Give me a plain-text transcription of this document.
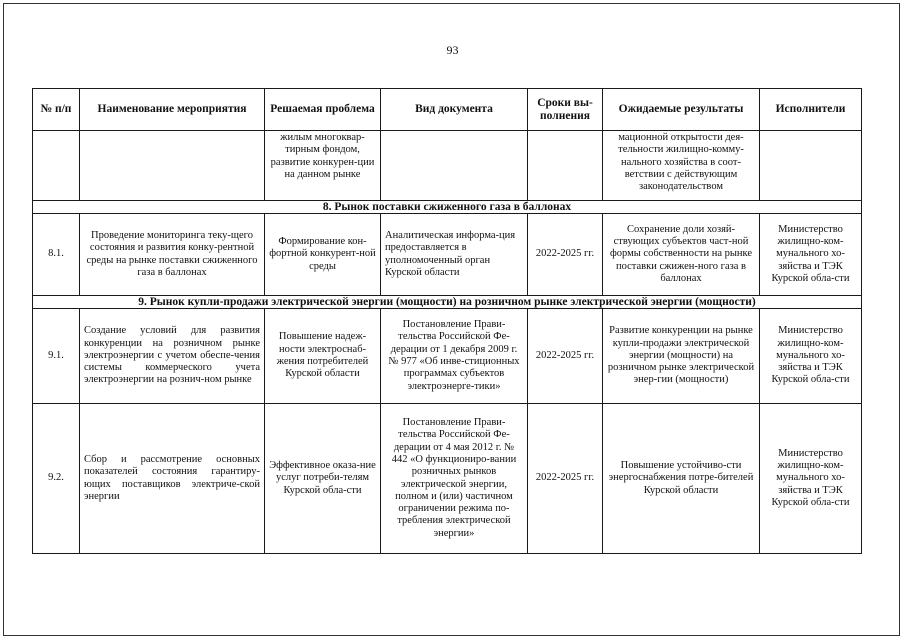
93
№ п/п	Наименование мероприятия	Решаемая проблема	Вид документа	Сроки вы-полнения	Ожидаемые результаты	Исполнители
		жилым многоквар-тирным фондом, развитие конкурен-ции на данном рынке			мационной открытости дея-тельности жилищно-комму-нального хозяйства в соот-ветствии с действующим законодательством	
8. Рынок поставки сжиженного газа в баллонах						
8.1.	Проведение мониторинга теку-щего состояния и развития конку-рентной среды на рынке поставки сжиженного газа в баллонах	Формирование кон-фортной конкурент-ной среды	Аналитическая информа-ция предоставляется в уполномоченный орган Курской области	2022-2025 гг.	Сохранение доли хозяй-ствующих субъектов част-ной формы собственности на рынке поставки сжижен-ного газа в баллонах	Министерство жилищно-ком-мунального хо-зяйства и ТЭК Курской обла-сти
9. Рынок купли-продажи электрической энергии (мощности) на розничном рынке электрической энергии (мощности)						
9.1.	Создание условий для развития конкуренции на розничном рынке электроэнергии с учетом обеспе-чения системы коммерческого учета электроэнергии на рознич-ном рынке	Повышение надеж-ности электроснаб-жения потребителей Курской области	Постановление Прави-тельства Российской Фе-дерации от 1 декабря 2009 г. № 977 «Об инве-стиционных программах субъектов электроэнерге-тики»	2022-2025 гг.	Развитие конкуренции на рынке купли-продажи электрической энергии (мощности) на розничном рынке электрической энер-гии (мощности)	Министерство жилищно-ком-мунального хо-зяйства и ТЭК Курской обла-сти
9.2.	Сбор и рассмотрение основных показателей состояния гарантиру-ющих поставщиков электриче-ской энергии	Эффективное оказа-ние услуг потреби-телям Курской обла-сти	Постановление Прави-тельства Российской Фе-дерации от 4 мая 2012 г. № 442 «О функциониро-вании розничных рынков электрической энергии, полном и (или) частичном ограничении режима по-требления электрической энергии»	2022-2025 гг.	Повышение устойчиво-сти энергоснабжения потре-бителей Курской области	Министерство жилищно-ком-мунального хо-зяйства и ТЭК Курской обла-сти
